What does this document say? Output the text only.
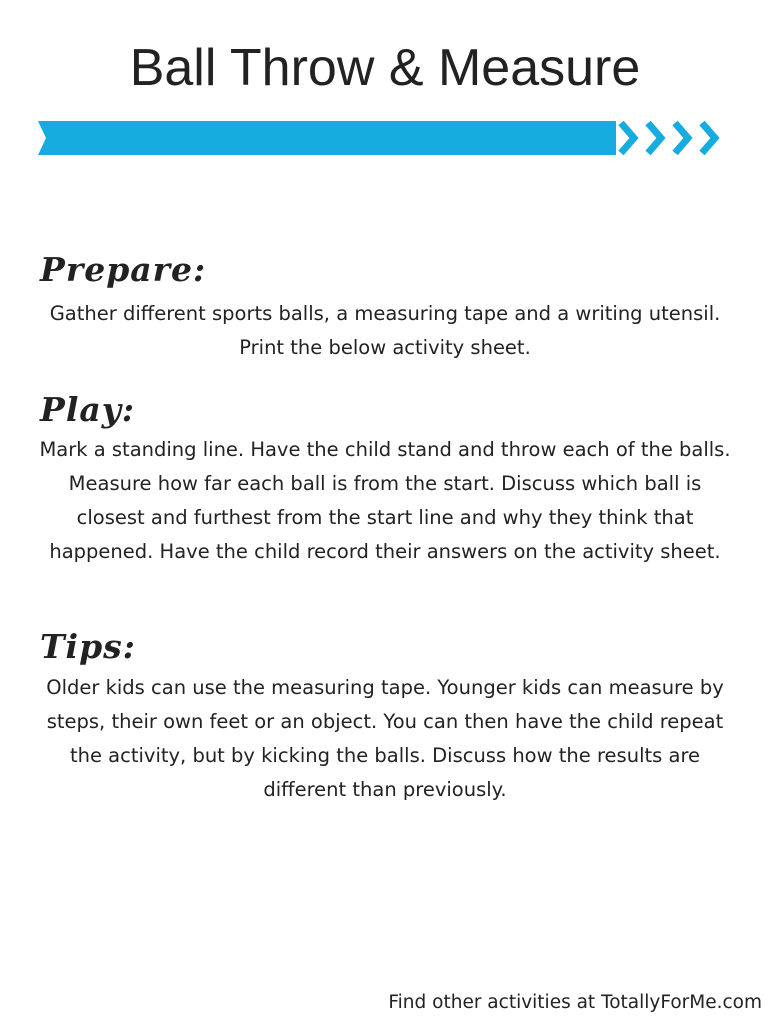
Ball Throw & Measure
Prepare:

Gather different sports balls, a measuring tape and a writing utensil. Print the below activity sheet.

Play:

Mark a standing line. Have the child stand and throw each of the balls. Measure how far each ball is from the start. Discuss which ball is closest and furthest from the start line and why they think that happened. Have the child record their answers on the activity sheet.

Tips:

Older kids can use the measuring tape. Younger kids can measure by steps, their own feet or an object. You can then have the child repeat the activity, but by kicking the balls. Discuss how the results are different than previously.

Find other activities at TotallyForMe.com
